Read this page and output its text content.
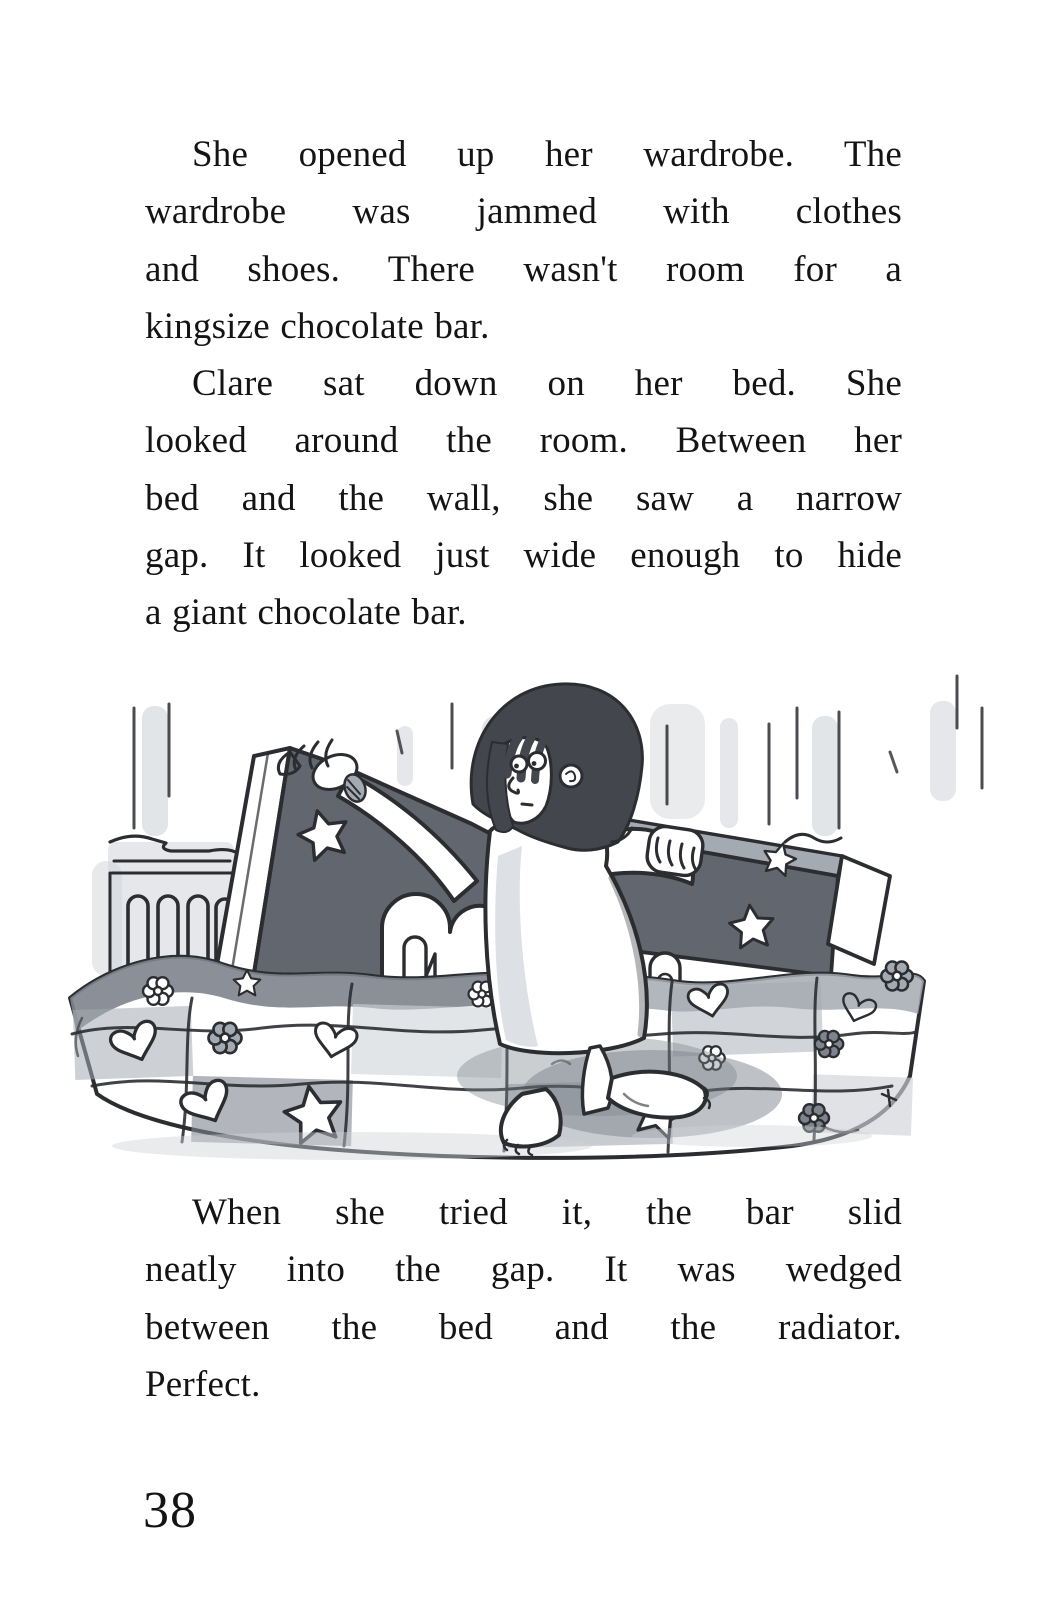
She opened up her wardrobe. The
wardrobe was jammed with clothes
and shoes. There wasn't room for a
kingsize chocolate bar.
Clare sat down on her bed. She
looked around the room. Between her
bed and the wall, she saw a narrow
gap. It looked just wide enough to hide
a giant chocolate bar.
When she tried it, the bar slid
neatly into the gap. It was wedged
between the bed and the radiator.
Perfect.
38
